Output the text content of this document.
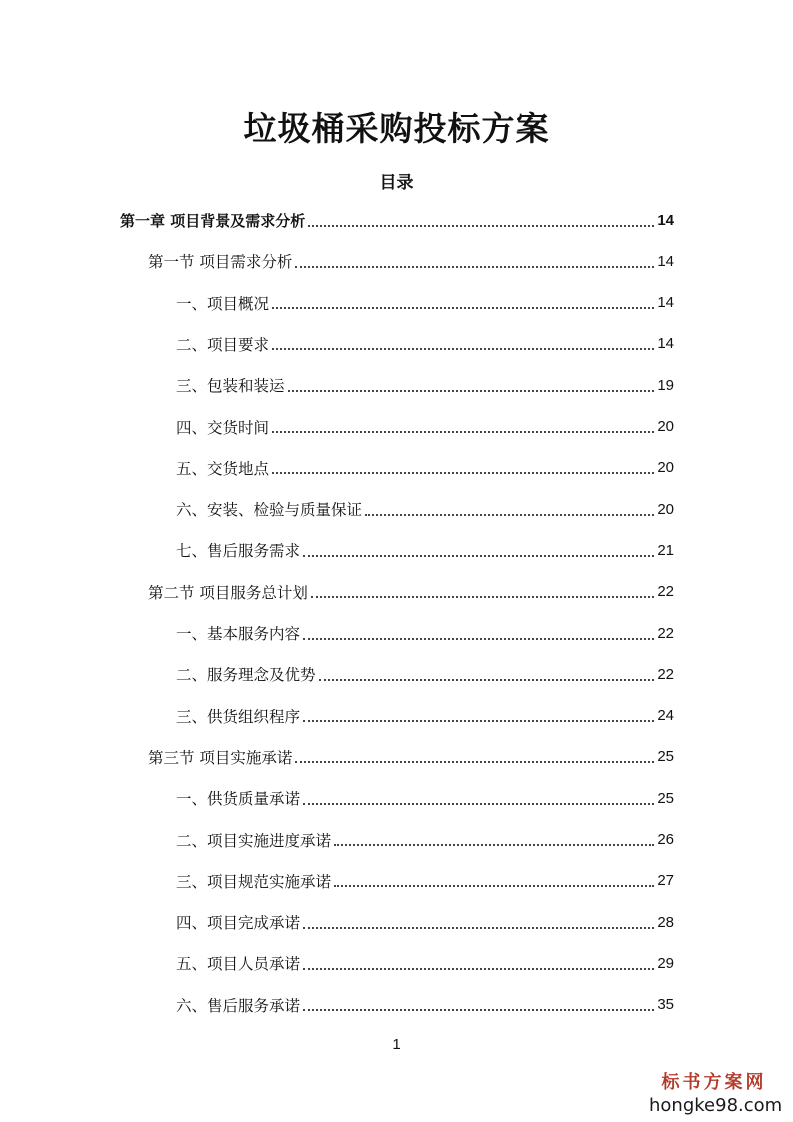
垃圾桶采购投标方案
目录
第一章 项目背景及需求分析	14
第一节 项目需求分析	14
一、项目概况	14
二、项目要求	14
三、包装和装运	19
四、交货时间	20
五、交货地点	20
六、安装、检验与质量保证	20
七、售后服务需求	21
第二节 项目服务总计划	22
一、基本服务内容	22
二、服务理念及优势	22
三、供货组织程序	24
第三节 项目实施承诺	25
一、供货质量承诺	25
二、项目实施进度承诺	26
三、项目规范实施承诺	27
四、项目完成承诺	28
五、项目人员承诺	29
六、售后服务承诺	35
1
标书方案网
hongke98.com
